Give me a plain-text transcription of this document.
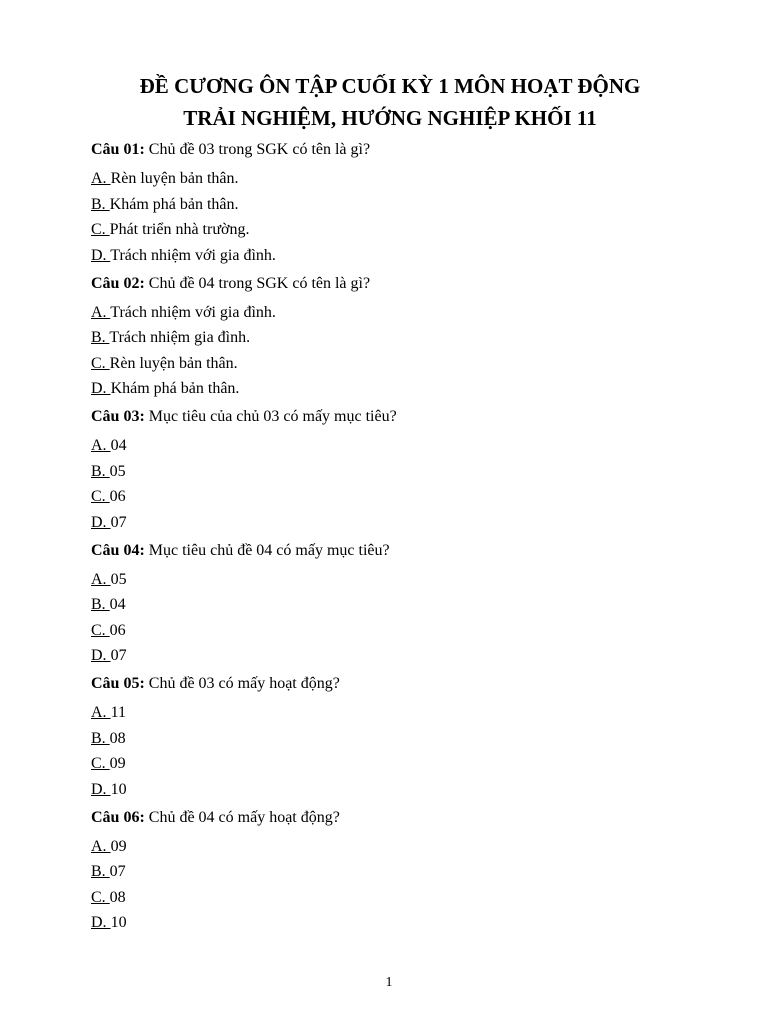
ĐỀ CƯƠNG ÔN TẬP CUỐI KỲ 1 MÔN HOẠT ĐỘNG
TRẢI NGHIỆM, HƯỚNG NGHIỆP KHỐI 11
Câu 01: Chủ đề 03 trong SGK có tên là gì?
A. Rèn luyện bản thân.
B. Khám phá bản thân.
C. Phát triển nhà trường.
D. Trách nhiệm với gia đình.
Câu 02: Chủ đề 04 trong SGK có tên là gì?
A. Trách nhiệm với gia đình.
B. Trách nhiệm gia đình.
C. Rèn luyện bản thân.
D. Khám phá bản thân.
Câu 03: Mục tiêu của chủ 03 có mấy mục tiêu?
A. 04
B. 05
C. 06
D. 07
Câu 04: Mục tiêu chủ đề 04 có mấy mục tiêu?
A. 05
B. 04
C. 06
D. 07
Câu 05: Chủ đề 03 có mấy hoạt động?
A. 11
B. 08
C. 09
D. 10
Câu 06: Chủ đề 04 có mấy hoạt động?
A. 09
B. 07
C. 08
D. 10
1
